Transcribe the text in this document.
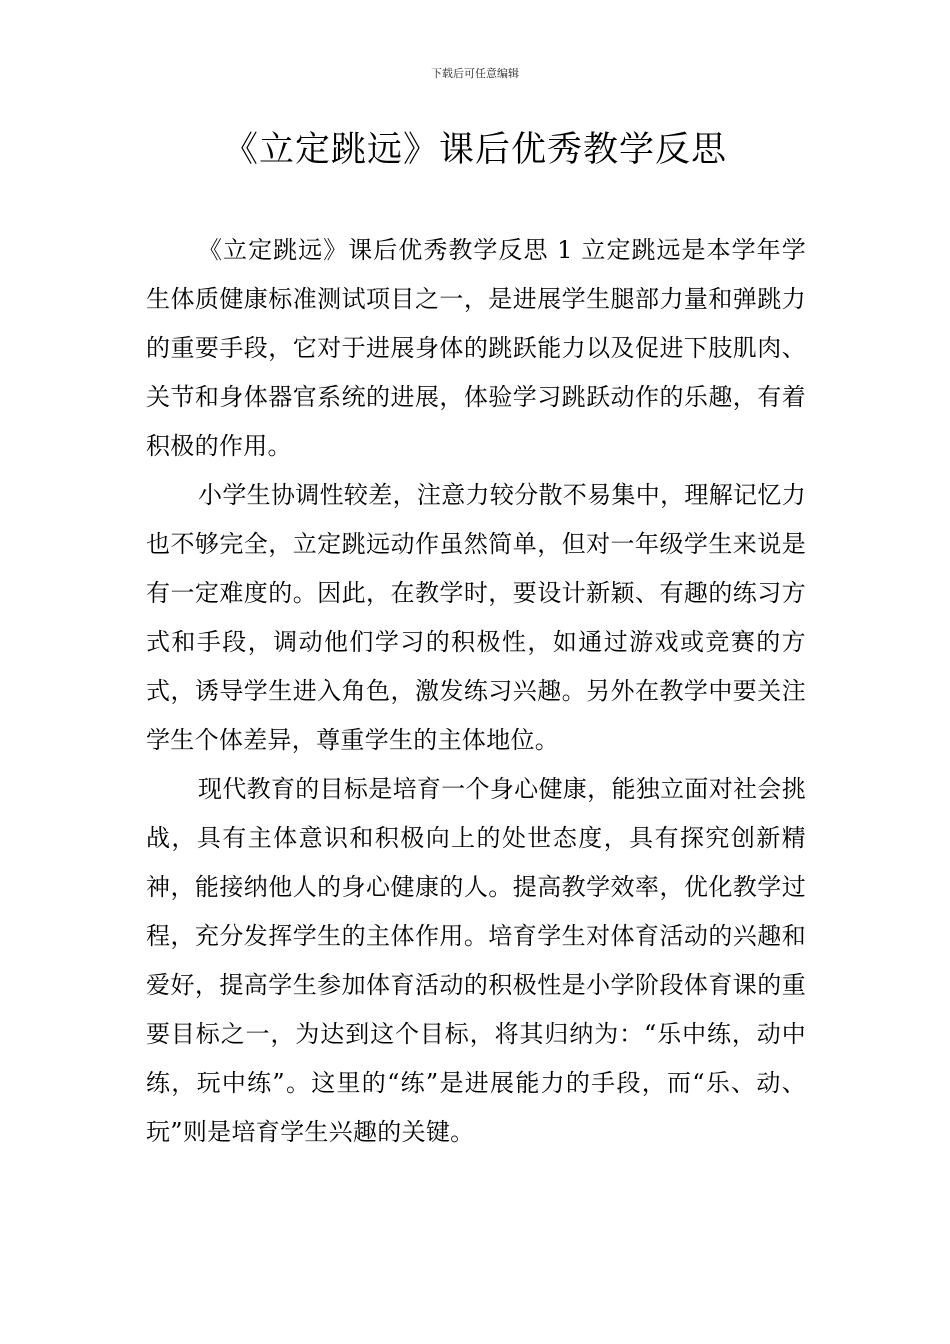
下载后可任意编辑
《立定跳远》课后优秀教学反思

《立定跳远》课后优秀教学反思 1 立定跳远是本学年学生体质健康标准测试项目之一，是进展学生腿部力量和弹跳力的重要手段，它对于进展身体的跳跃能力以及促进下肢肌肉、关节和身体器官系统的进展，体验学习跳跃动作的乐趣，有着积极的作用。

小学生协调性较差，注意力较分散不易集中，理解记忆力也不够完全，立定跳远动作虽然简单，但对一年级学生来说是有一定难度的。因此，在教学时，要设计新颖、有趣的练习方式和手段，调动他们学习的积极性，如通过游戏或竞赛的方式，诱导学生进入角色，激发练习兴趣。另外在教学中要关注学生个体差异，尊重学生的主体地位。

现代教育的目标是培育一个身心健康，能独立面对社会挑战，具有主体意识和积极向上的处世态度，具有探究创新精神，能接纳他人的身心健康的人。提高教学效率，优化教学过程，充分发挥学生的主体作用。培育学生对体育活动的兴趣和爱好，提高学生参加体育活动的积极性是小学阶段体育课的重要目标之一，为达到这个目标，将其归纳为：“乐中练，动中练，玩中练”。这里的“练”是进展能力的手段，而“乐、动、玩”则是培育学生兴趣的关键。
